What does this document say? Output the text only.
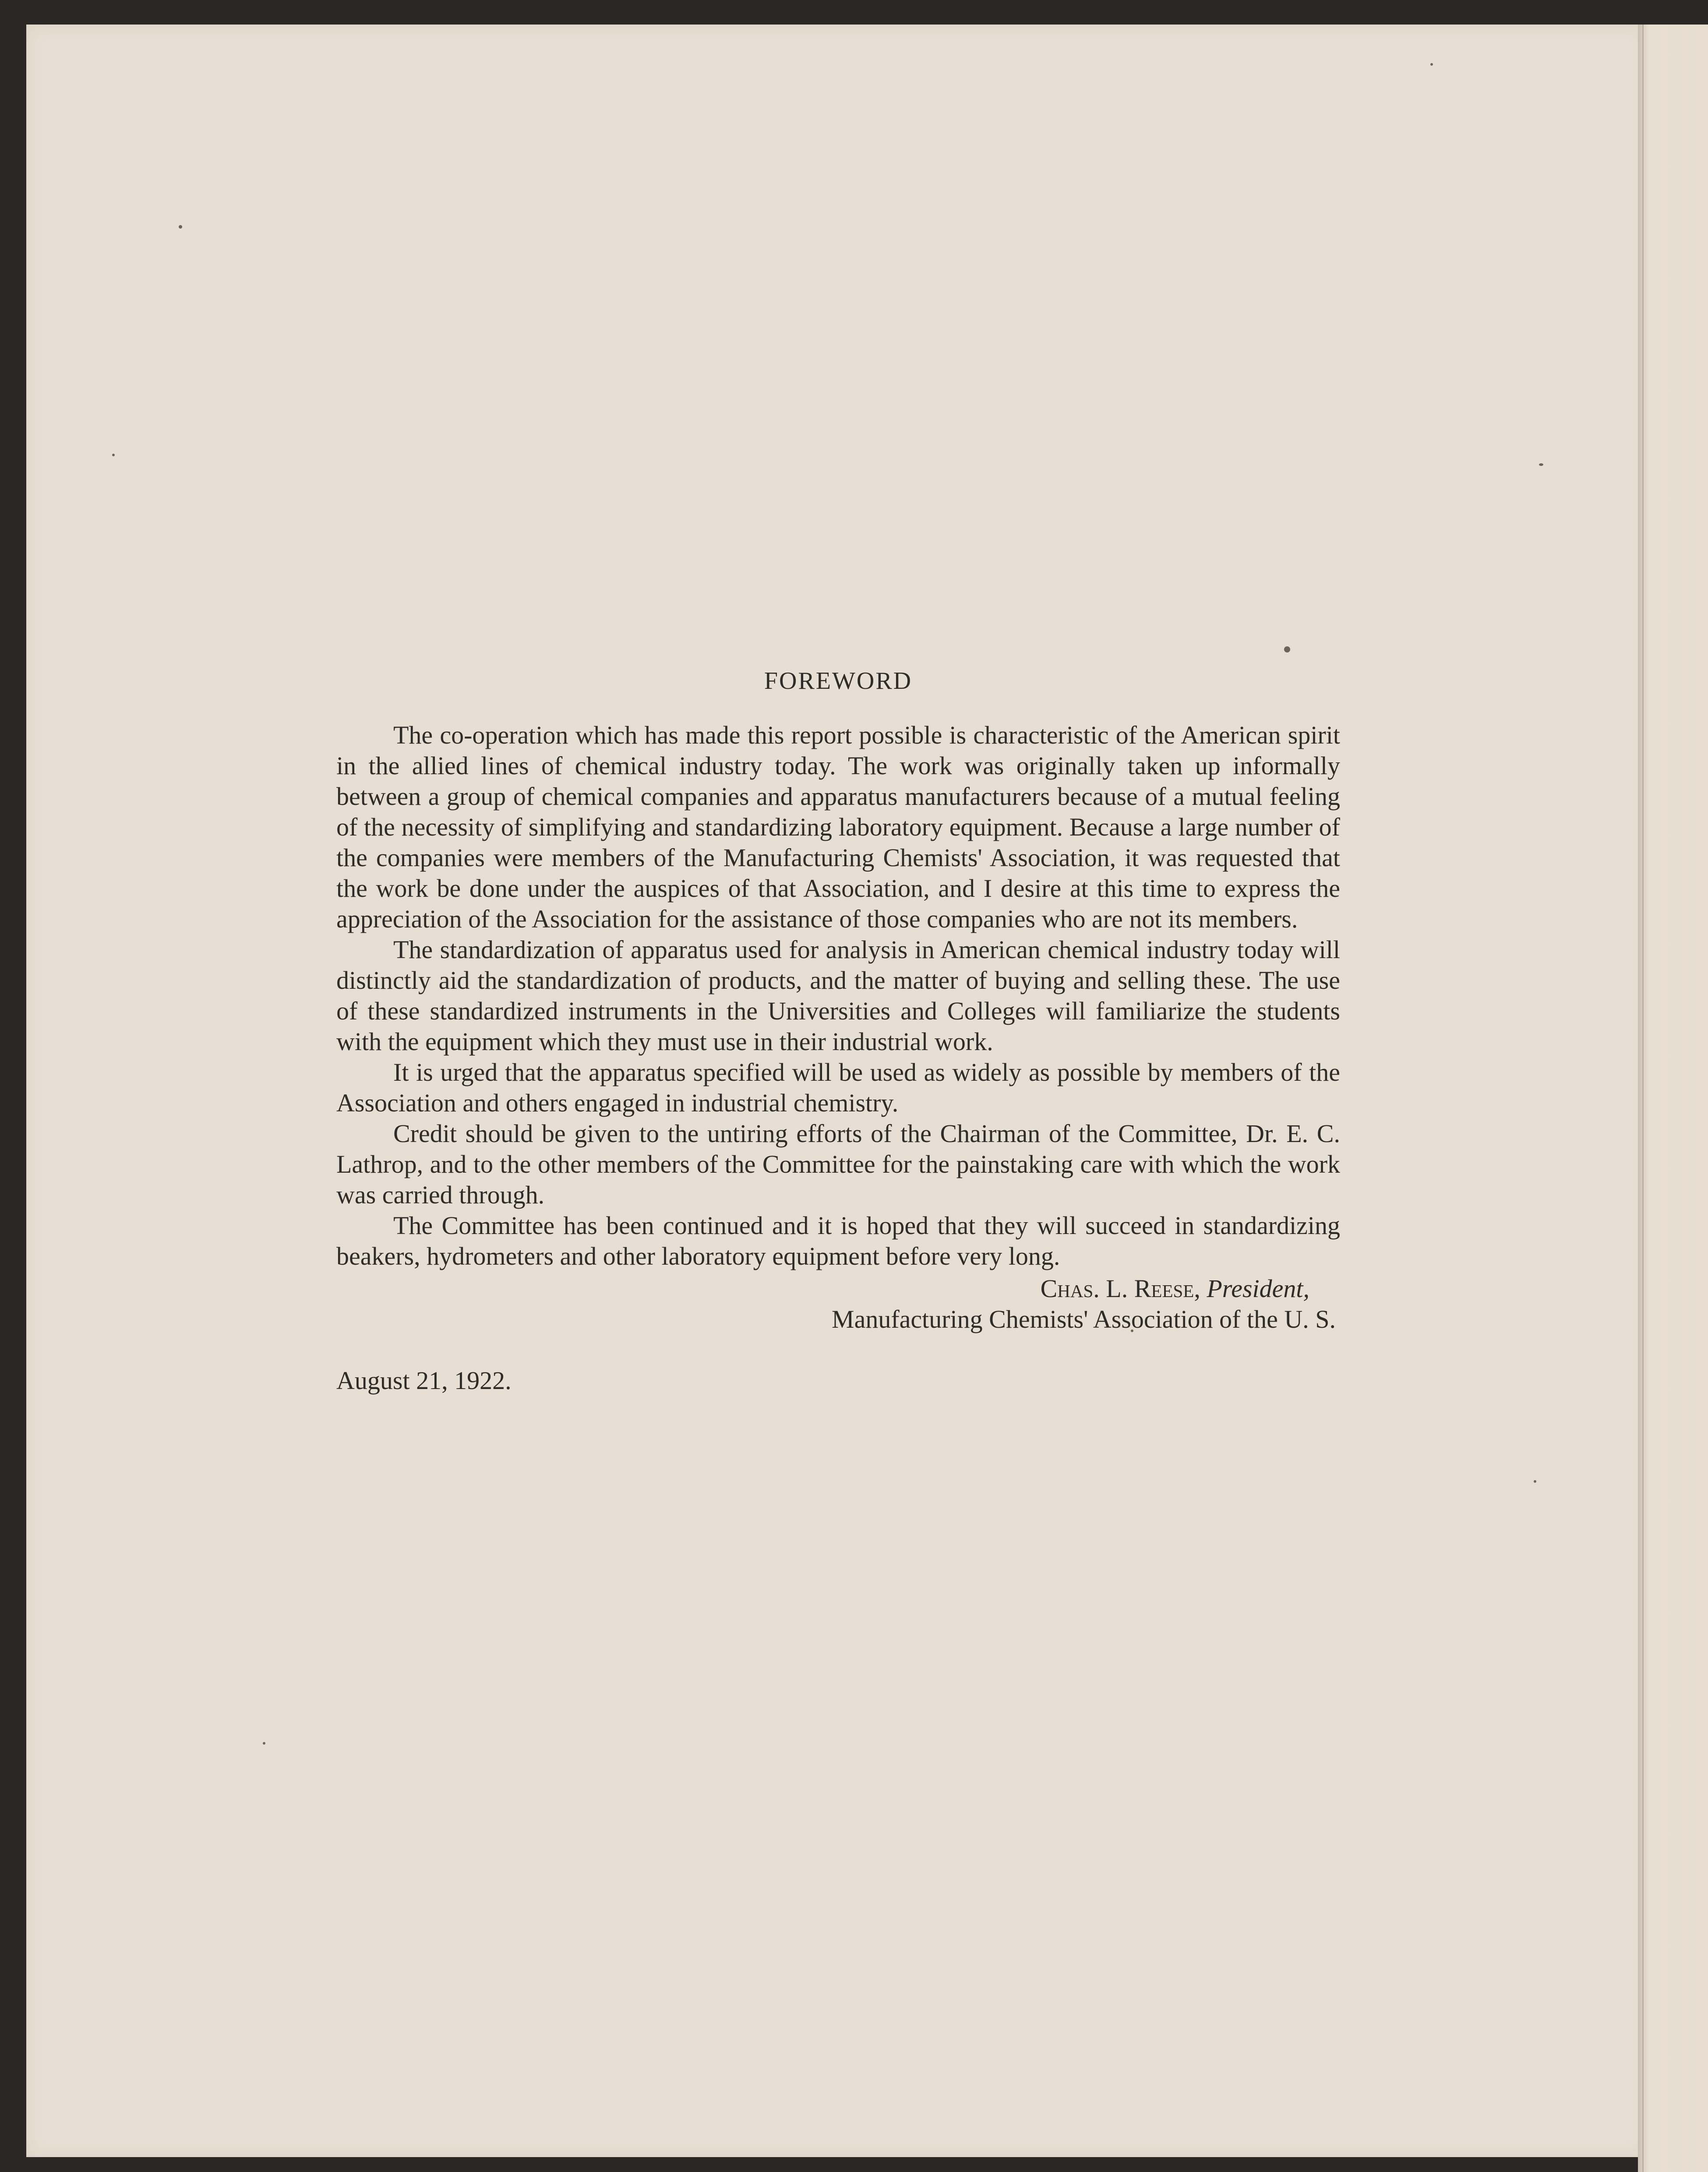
FOREWORD

The co-operation which has made this report possible is characteristic of the American spirit in the allied lines of chemical industry today. The work was originally taken up informally between a group of chemical companies and apparatus manufacturers because of a mutual feeling of the necessity of simplifying and standardizing laboratory equipment. Because a large number of the companies were members of the Manufacturing Chemists' Association, it was requested that the work be done under the auspices of that Association, and I desire at this time to express the appreciation of the Association for the assistance of those companies who are not its members.

The standardization of apparatus used for analysis in American chemical industry today will distinctly aid the standardization of products, and the matter of buying and selling these. The use of these standardized instruments in the Universities and Colleges will familiarize the students with the equipment which they must use in their industrial work.

It is urged that the apparatus specified will be used as widely as possible by members of the Association and others engaged in industrial chemistry.

Credit should be given to the untiring efforts of the Chairman of the Committee, Dr. E. C. Lathrop, and to the other members of the Committee for the painstaking care with which the work was carried through.

The Committee has been continued and it is hoped that they will succeed in standardizing beakers, hydrometers and other laboratory equipment before very long.

Chas. L. Reese, President,
Manufacturing Chemists' Association of the U. S.
August 21, 1922.
